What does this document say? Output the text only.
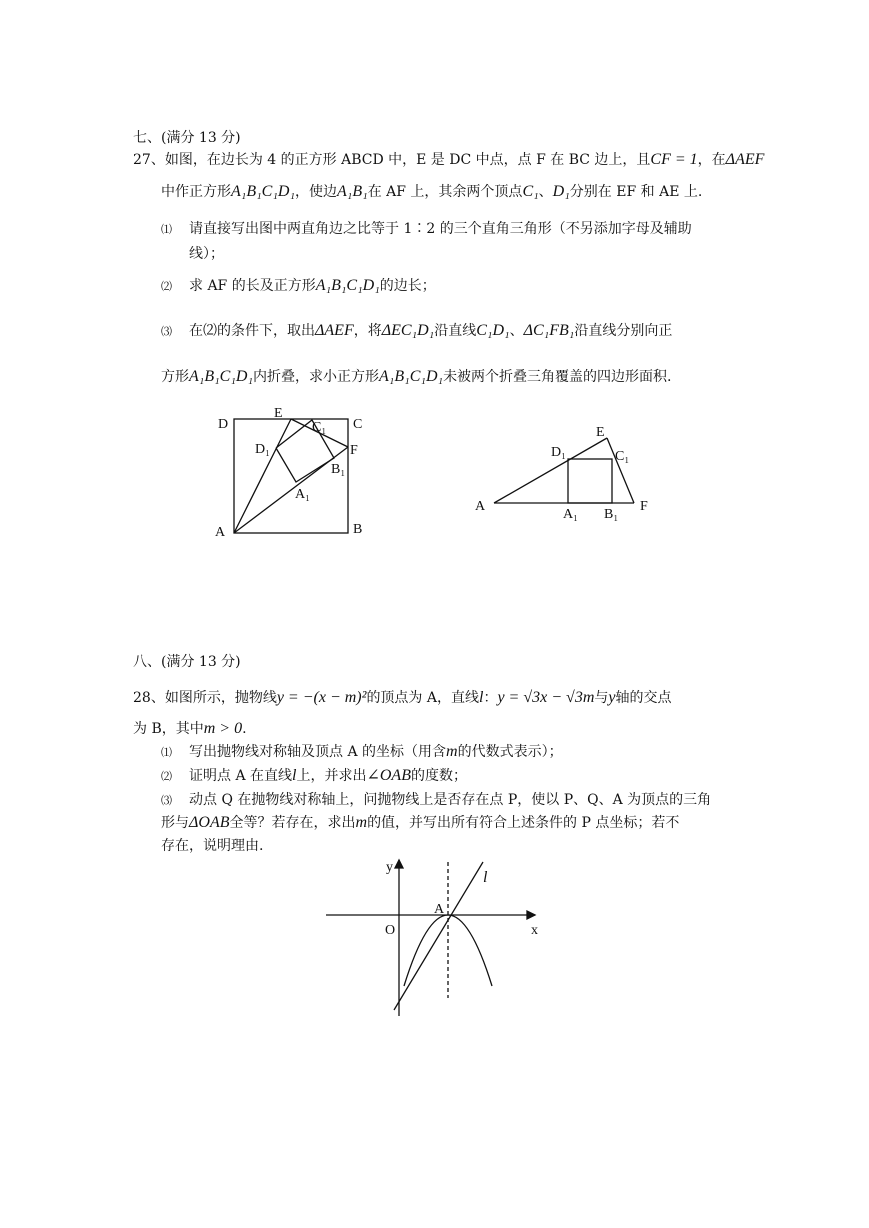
七、(满分 13 分)
27、如图，在边长为 4 的正方形 ABCD 中，E 是 DC 中点，点 F 在 BC 边上，且CF = 1，在ΔAEF
中作正方形A₁B₁C₁D₁，使边A₁B₁在 AF 上，其余两个顶点C₁、D₁分别在 EF 和 AE 上.
⑴ 请直接写出图中两直角边之比等于 1∶2 的三个直角三角形（不另添加字母及辅助
线）；
⑵ 求 AF 的长及正方形A₁B₁C₁D₁的边长；
⑶ 在⑵的条件下，取出ΔAEF，将ΔEC₁D₁沿直线C₁D₁、ΔC₁FB₁沿直线分别向正
方形A₁B₁C₁D₁内折叠，求小正方形A₁B₁C₁D₁未被两个折叠三角覆盖的四边形面积.
D
E
C₁ C
D₁	F
B₁
A₁
A	B
E
D₁	C₁
A
A₁ B₁
F
y
l
A
O	x
八、(满分 13 分)
28、如图所示，抛物线y = −(x − m)²的顶点为 A，直线l：y = √3x − √3m与y轴的交点
为 B，其中m > 0.
⑴ 写出抛物线对称轴及顶点 A 的坐标（用含m的代数式表示）；
⑵ 证明点 A 在直线l上，并求出∠OAB的度数；
⑶ 动点 Q 在抛物线对称轴上，问抛物线上是否存在点 P，使以 P、Q、A 为顶点的三角
形与ΔOAB全等？若存在，求出m的值，并写出所有符合上述条件的 P 点坐标；若不
存在，说明理由.
